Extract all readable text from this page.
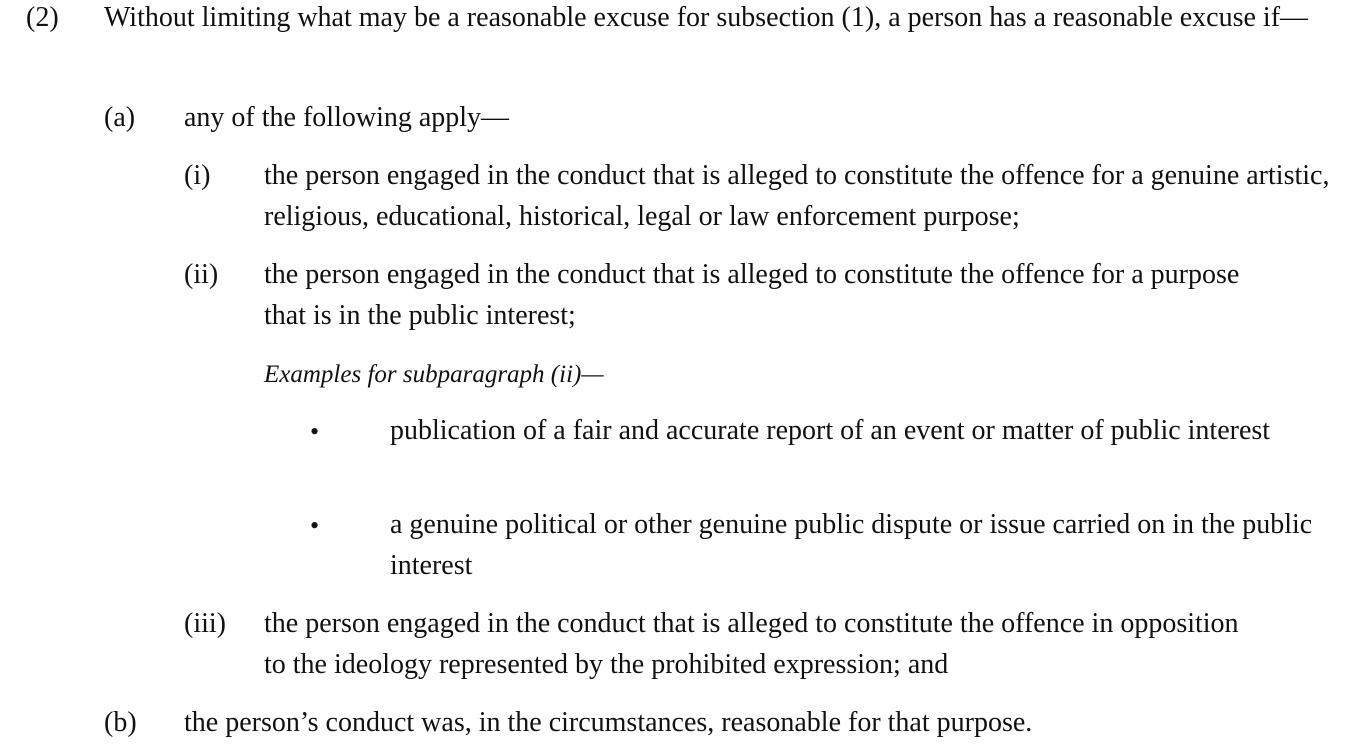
(2) Without limiting what may be a reasonable excuse for subsection (1), a person has a reasonable excuse if—
(a) any of the following apply—
(i) the person engaged in the conduct that is alleged to constitute the offence for a genuine artistic, religious, educational, historical, legal or law enforcement purpose;
(ii) the person engaged in the conduct that is alleged to constitute the offence for a purpose that is in the public interest;
Examples for subparagraph (ii)—
•	publication of a fair and accurate report of an event or matter of public interest
•	a genuine political or other genuine public dispute or issue carried on in the public interest
(iii) the person engaged in the conduct that is alleged to constitute the offence in opposition to the ideology represented by the prohibited expression; and
(b) the person’s conduct was, in the circumstances, reasonable for that purpose.
